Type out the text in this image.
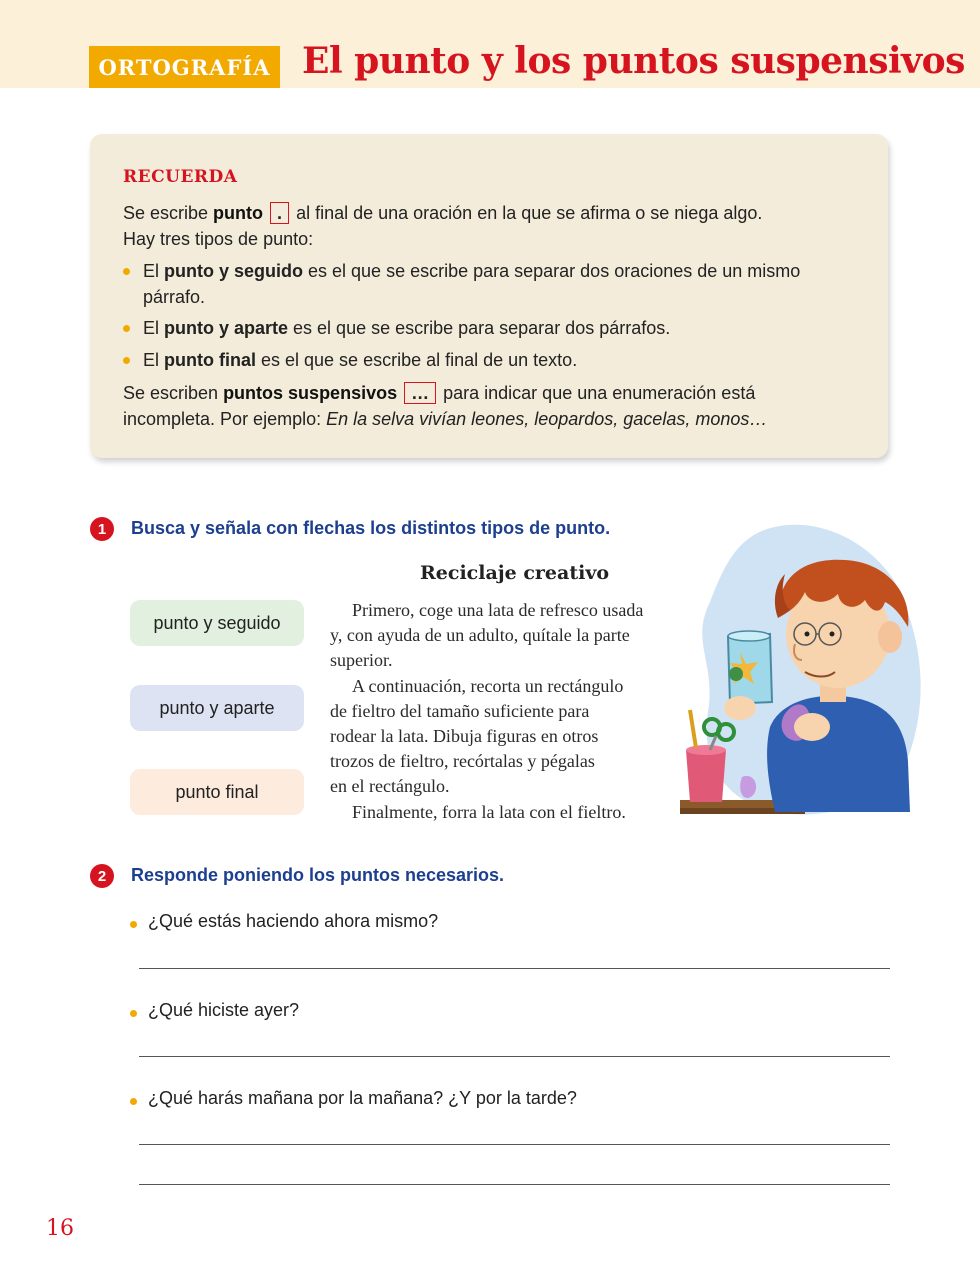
ORTOGRAFÍA El punto y los puntos suspensivos
RECUERDA
Se escribe punto . al final de una oración en la que se afirma o se niega algo.
Hay tres tipos de punto:
El punto y seguido es el que se escribe para separar dos oraciones de un mismo
párrafo.
El punto y aparte es el que se escribe para separar dos párrafos.
El punto final es el que se escribe al final de un texto.
Se escriben puntos suspensivos … para indicar que una enumeración está
incompleta. Por ejemplo: En la selva vivían leones, leopardos, gacelas, monos…
1	Busca y señala con flechas los distintos tipos de punto.
punto y seguido
punto y aparte
punto final
Reciclaje creativo
Primero, coge una lata de refresco usada
y, con ayuda de un adulto, quítale la parte
superior.
A continuación, recorta un rectángulo
de fieltro del tamaño suficiente para
rodear la lata. Dibuja figuras en otros
trozos de fieltro, recórtalas y pégalas
en el rectángulo.
Finalmente, forra la lata con el fieltro.
2	Responde poniendo los puntos necesarios.
¿Qué estás haciendo ahora mismo?
¿Qué hiciste ayer?
¿Qué harás mañana por la mañana? ¿Y por la tarde?
16
